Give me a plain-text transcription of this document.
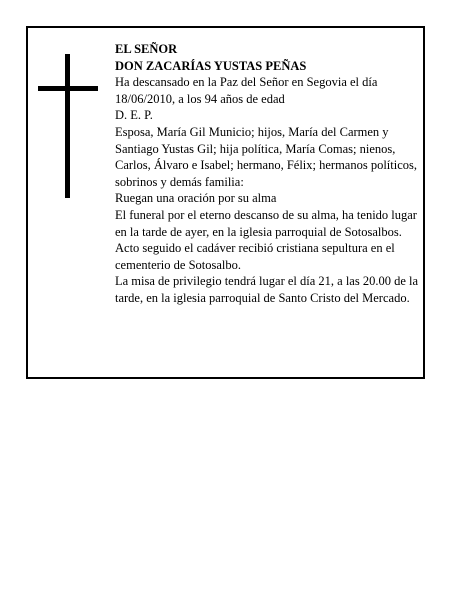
EL SEÑOR

DON ZACARÍAS YUSTAS PEÑAS

Ha descansado en la Paz del Señor en Segovia el día 18/06/2010, a los 94 años de edad

D. E. P.

Esposa, María Gil Municio; hijos, María del Carmen y Santiago Yustas Gil; hija política, María Comas; nienos, Carlos, Álvaro e Isabel; hermano, Félix; hermanos políticos, sobrinos y demás familia:

Ruegan una oración por su alma

El funeral por el eterno descanso de su alma, ha tenido lugar en la tarde de ayer, en la iglesia parroquial de Sotosalbos. Acto seguido el cadáver recibió cristiana sepultura en el cementerio de Sotosalbo.

La misa de privilegio tendrá lugar el día 21, a las 20.00 de la tarde, en la iglesia parroquial de Santo Cristo del Mercado.
